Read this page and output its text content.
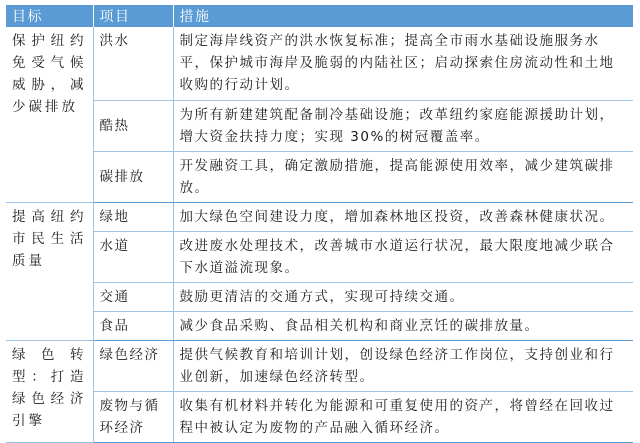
目标	项目	措施

保护纽约免受气候威胁，减少碳排放	洪水	制定海岸线资产的洪水恢复标准；提高全市雨水基础设施服务水平，保护城市海岸及脆弱的内陆社区；启动探索住房流动性和土地收购的行动计划。
	酷热	为所有新建建筑配备制冷基础设施；改革纽约家庭能源援助计划，增大资金扶持力度；实现 30%的树冠覆盖率。
	碳排放	开发融资工具，确定激励措施，提高能源使用效率，减少建筑碳排放。

提高纽约市民生活质量	绿地	加大绿色空间建设力度，增加森林地区投资，改善森林健康状况。
	水道	改进废水处理技术，改善城市水道运行状况，最大限度地减少联合下水道溢流现象。
	交通	鼓励更清洁的交通方式，实现可持续交通。
	食品	减少食品采购、食品相关机构和商业烹饪的碳排放量。

绿色转型：打造绿色经济引擎	绿色经济	提供气候教育和培训计划，创设绿色经济工作岗位，支持创业和行业创新，加速绿色经济转型。
	废物与循环经济	收集有机材料并转化为能源和可重复使用的资产，将曾经在回收过程中被认定为废物的产品融入循环经济。
